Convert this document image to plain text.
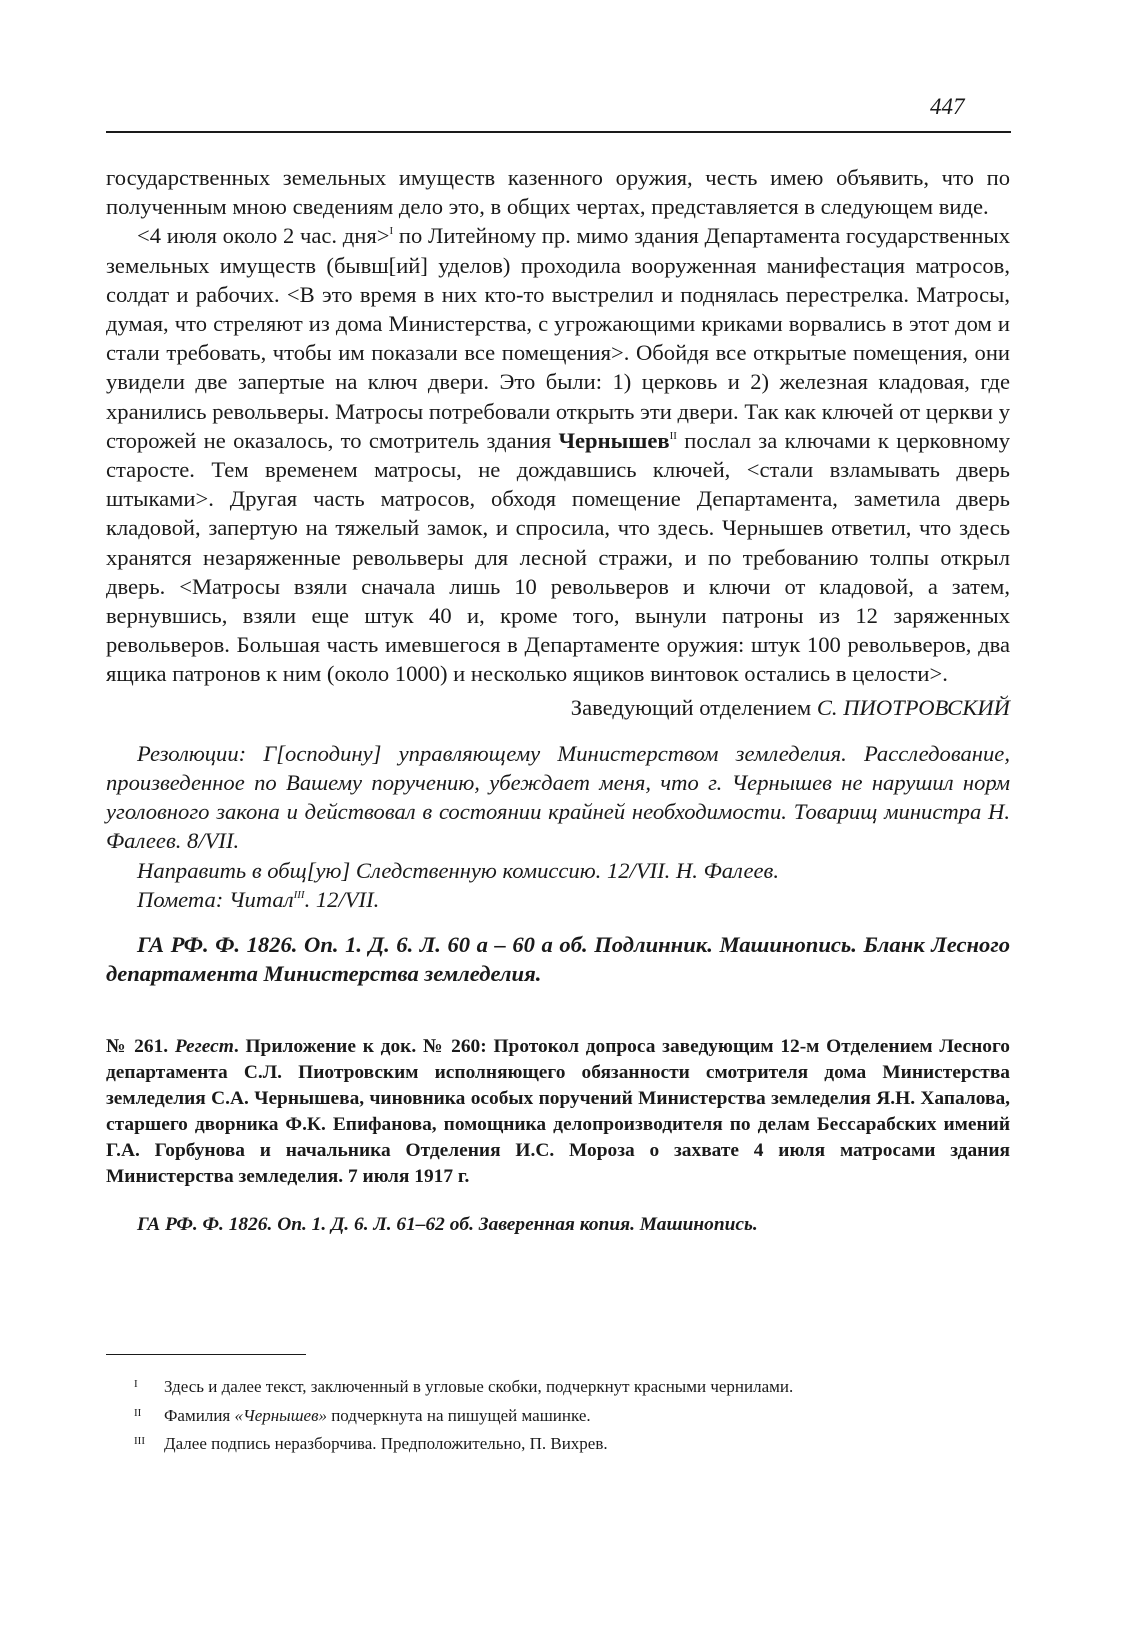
447

государственных земельных имуществ казенного оружия, честь имею объявить, что по полученным мною сведениям дело это, в общих чертах, представляется в следующем виде.

<4 июля около 2 час. дня>$^I$ по Литейному пр. мимо здания Департамента государственных земельных имуществ (бывш[ий] уделов) проходила вооруженная манифестация матросов, солдат и рабочих. <В это время в них кто-то выстрелил и поднялась перестрелка. Матросы, думая, что стреляют из дома Министерства, с угрожающими криками ворвались в этот дом и стали требовать, чтобы им показали все помещения>. Обойдя все открытые помещения, они увидели две запертые на ключ двери. Это были: 1) церковь и 2) железная кладовая, где хранились револьверы. Матросы потребовали открыть эти двери. Так как ключей от церкви у сторожей не оказалось, то смотритель здания Чернышев$^{II}$ послал за ключами к церковному старосте. Тем временем матросы, не дождавшись ключей, <стали взламывать дверь штыками>. Другая часть матросов, обходя помещение Департамента, заметила дверь кладовой, запертую на тяжелый замок, и спросила, что здесь. Чернышев ответил, что здесь хранятся незаряженные револьверы для лесной стражи, и по требованию толпы открыл дверь. <Матросы взяли сначала лишь 10 револьверов и ключи от кладовой, а затем, вернувшись, взяли еще штук 40 и, кроме того, вынули патроны из 12 заряженных револьверов. Большая часть имевшегося в Департаменте оружия: штук 100 револьверов, два ящика патронов к ним (около 1000) и несколько ящиков винтовок остались в целости>.

Заведующий отделением С. ПИОТРОВСКИЙ

Резолюции: Г[осподину] управляющему Министерством земледелия. Расследование, произведенное по Вашему поручению, убеждает меня, что г. Чернышев не нарушил норм уголовного закона и действовал в состоянии крайней необходимости. Товарищ министра Н. Фалеев. 8/VII.

Направить в общ[ую] Следственную комиссию. 12/VII. Н. Фалеев.

Помета: Читал$^{III}$. 12/VII.

ГА РФ. Ф. 1826. Оп. 1. Д. 6. Л. 60 а – 60 а об. Подлинник. Машинопись. Бланк Лесного департамента Министерства земледелия.

№ 261. Регест. Приложение к док. № 260: Протокол допроса заведующим 12-м Отделением Лесного департамента С.Л. Пиотровским исполняющего обязанности смотрителя дома Министерства земледелия С.А. Чернышева, чиновника особых поручений Министерства земледелия Я.Н. Хапалова, старшего дворника Ф.К. Епифанова, помощника делопроизводителя по делам Бессарабских имений Г.А. Горбунова и начальника Отделения И.С. Мороза о захвате 4 июля матросами здания Министерства земледелия. 7 июля 1917 г.

ГА РФ. Ф. 1826. Оп. 1. Д. 6. Л. 61–62 об. Заверенная копия. Машинопись.

I Здесь и далее текст, заключенный в угловые скобки, подчеркнут красными чернилами.

II Фамилия «Чернышев» подчеркнута на пишущей машинке.

III Далее подпись неразборчива. Предположительно, П. Вихрев.
